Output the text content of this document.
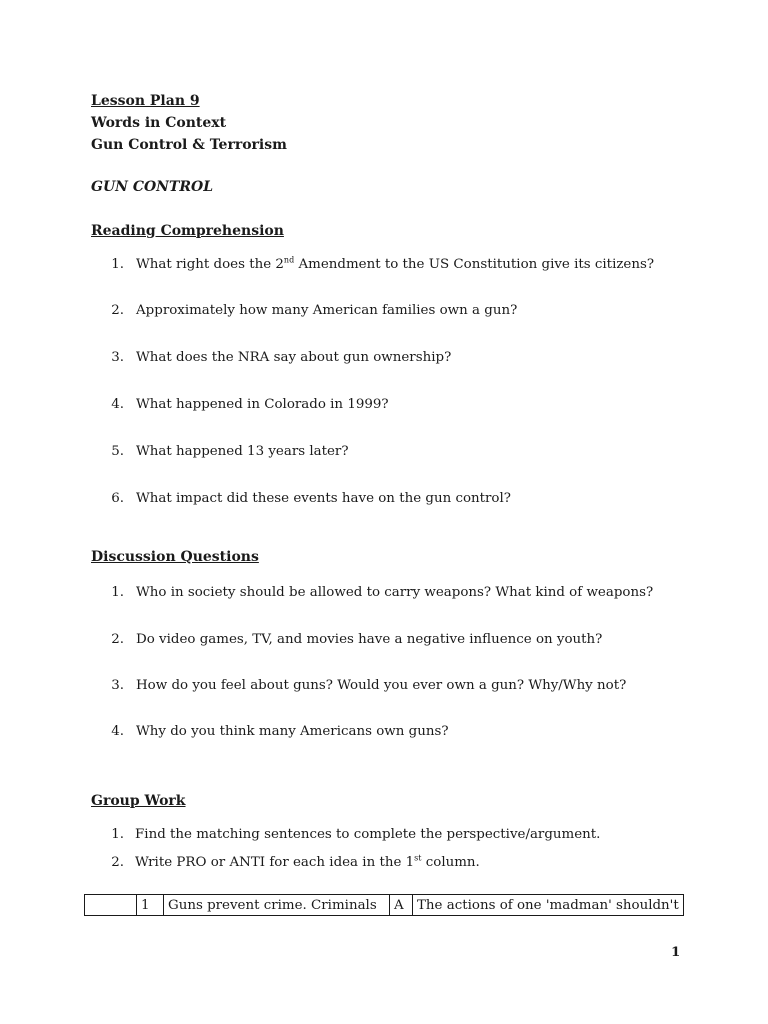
Lesson Plan 9
Words in Context
Gun Control & Terrorism
GUN CONTROL
Reading Comprehension
1. What right does the 2nd Amendment to the US Constitution give its citizens?
2. Approximately how many American families own a gun?
3. What does the NRA say about gun ownership?
4. What happened in Colorado in 1999?
5. What happened 13 years later?
6. What impact did these events have on the gun control?
Discussion Questions
1. Who in society should be allowed to carry weapons? What kind of weapons?
2. Do video games, TV, and movies have a negative influence on youth?
3. How do you feel about guns? Would you ever own a gun? Why/Why not?
4. Why do you think many Americans own guns?
Group Work
1. Find the matching sentences to complete the perspective/argument.
2. Write PRO or ANTI for each idea in the 1st column.
	1	Guns prevent crime. Criminals	A	The actions of one 'madman' shouldn't
1
